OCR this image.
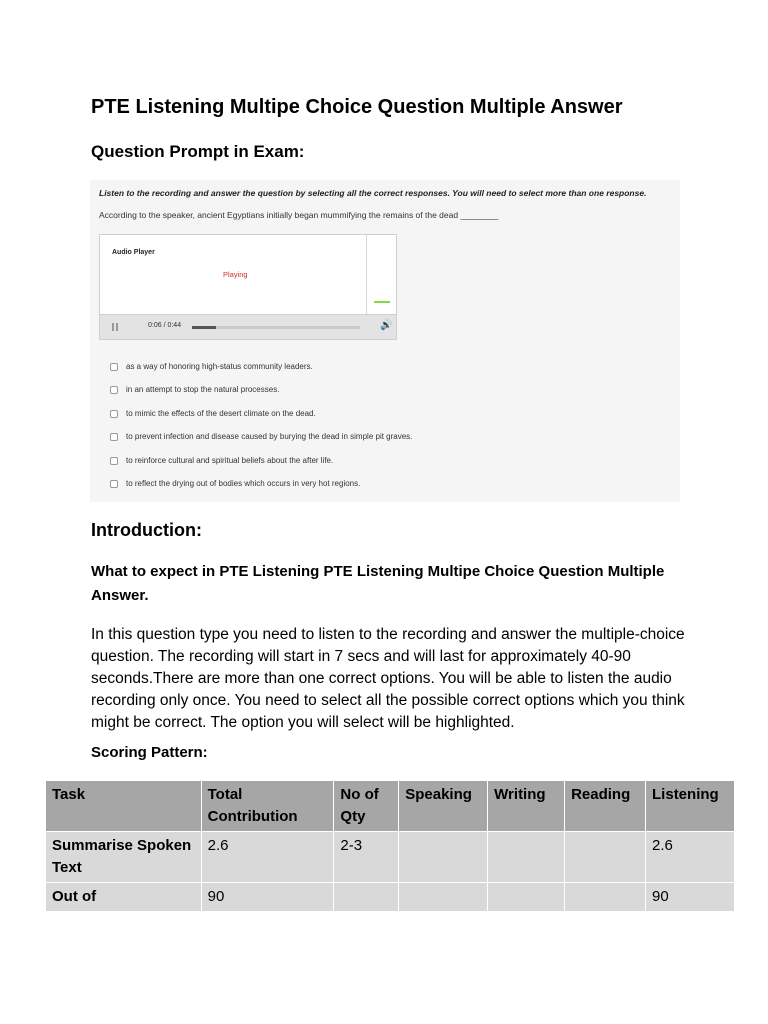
PTE Listening Multipe Choice Question Multiple Answer
Question Prompt in Exam:
Listen to the recording and answer the question by selecting all the correct responses. You will need to select more than one response.
According to the speaker, ancient Egyptians initially began mummifying the remains of the dead ________
Audio Player
Playing
0:06 / 0:44	🔊
as a way of honoring high-status community leaders.
in an attempt to stop the natural processes.
to mimic the effects of the desert climate on the dead.
to prevent infection and disease caused by burying the dead in simple pit graves.
to reinforce cultural and spiritual beliefs about the after life.
to reflect the drying out of bodies which occurs in very hot regions.
Introduction:
What to expect in PTE Listening PTE Listening Multipe Choice Question Multiple Answer.
In this question type you need to listen to the recording and answer the multiple-choice question. The recording will start in 7 secs and will last for approximately 40-90 seconds.There are more than one correct options. You will be able to listen the audio recording only once. You need to select all the possible correct options which you think might be correct. The option you will select will be highlighted.
Scoring Pattern:
Task	Total Contribution	No of Qty	Speaking	Writing	Reading	Listening
Summarise Spoken Text	2.6	2-3				2.6
Out of	90					90
